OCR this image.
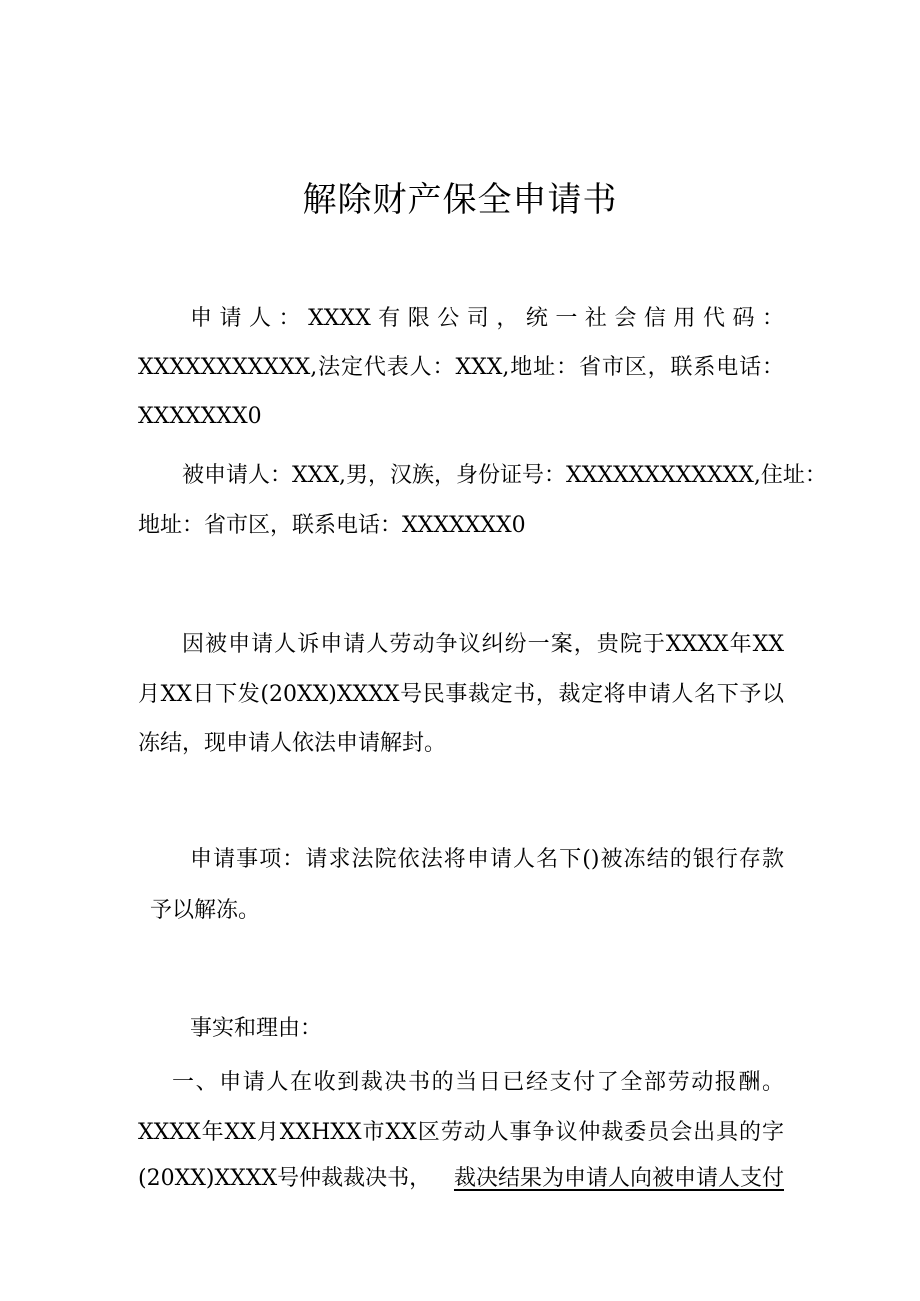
解除财产保全申请书
申请人：XXXX有限公司，统一社会信用代码：
XXXXXXXXXXX,法定代表人：XXX,地址：省市区，联系电话：
XXXXXXX0
被申请人：XXX,男，汉族，身份证号：XXXXXXXXXXXX,住址：
地址：省市区，联系电话：XXXXXXX0
因被申请人诉申请人劳动争议纠纷一案，贵院于XXXX年XX
月XX日下发(20XX)XXXX号民事裁定书，裁定将申请人名下予以
冻结，现申请人依法申请解封。
申请事项：请求法院依法将申请人名下()被冻结的银行存款
予以解冻。
事实和理由：
一、申请人在收到裁决书的当日已经支付了全部劳动报酬。
XXXX年XX月XXHXX市XX区劳动人事争议仲裁委员会出具的字
(20XX)XXXX号仲裁裁决书， 裁决结果为申请人向被申请人支付
